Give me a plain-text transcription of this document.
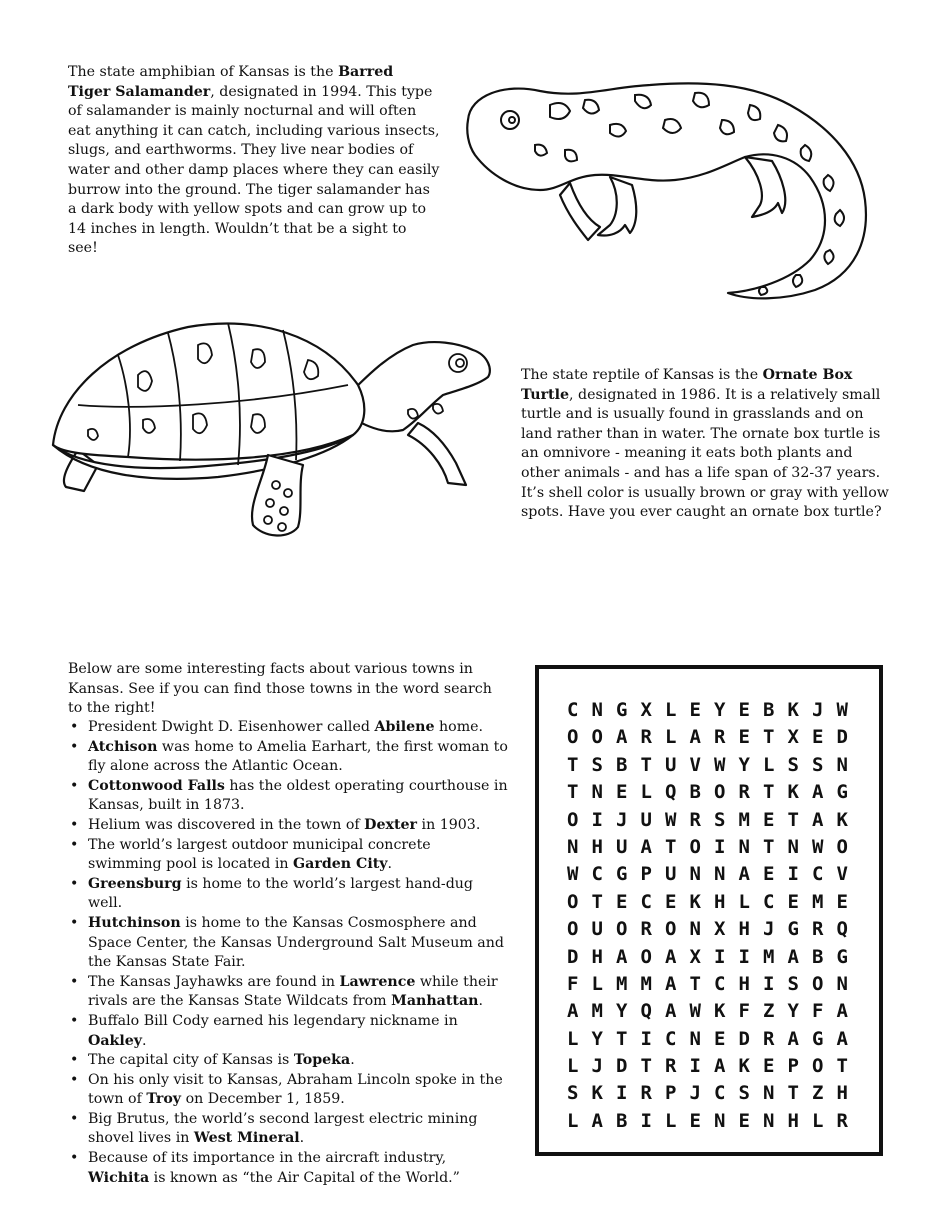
The state amphibian of Kansas is the Barred Tiger Salamander, designated in 1994. This type of salamander is mainly nocturnal and will often eat anything it can catch, including various insects, slugs, and earthworms. They live near bodies of water and other damp places where they can easily burrow into the ground. The tiger salamander has a dark body with yellow spots and can grow up to 14 inches in length. Wouldn’t that be a sight to see!
The state reptile of Kansas is the Ornate Box Turtle, designated in 1986. It is a relatively small turtle and is usually found in grasslands and on land rather than in water. The ornate box turtle is an omnivore - meaning it eats both plants and other animals - and has a life span of 32-37 years. It’s shell color is usually brown or gray with yellow spots. Have you ever caught an ornate box turtle?
Below are some interesting facts about various towns in Kansas. See if you can find those towns in the word search to the right!
• President Dwight D. Eisenhower called Abilene home.
• Atchison was home to Amelia Earhart, the first woman to fly alone across the Atlantic Ocean.
• Cottonwood Falls has the oldest operating courthouse in Kansas, built in 1873.
• Helium was discovered in the town of Dexter in 1903.
• The world’s largest outdoor municipal concrete swimming pool is located in Garden City.
• Greensburg is home to the world’s largest hand-dug well.
• Hutchinson is home to the Kansas Cosmosphere and Space Center, the Kansas Underground Salt Museum and the Kansas State Fair.
• The Kansas Jayhawks are found in Lawrence while their rivals are the Kansas State Wildcats from Manhattan.
• Buffalo Bill Cody earned his legendary nickname in Oakley.
• The capital city of Kansas is Topeka.
• On his only visit to Kansas, Abraham Lincoln spoke in the town of Troy on December 1, 1859.
• Big Brutus, the world’s second largest electric mining shovel lives in West Mineral.
• Because of its importance in the aircraft industry, Wichita is known as “the Air Capital of the World.”
C N G X L E Y E B K J W
O O A R L A R E T X E D
T S B T U V W Y L S S N
T N E L Q B O R T K A G
O I J U W R S M E T A K
N H U A T O I N T N W O
W C G P U N N A E I C V
O T E C E K H L C E M E
O U O R O N X H J G R Q
D H A O A X I I M A B G
F L M M A T C H I S O N
A M Y Q A W K F Z Y F A
L Y T I C N E D R A G A
L J D T R I A K E P O T
S K I R P J C S N T Z H
L A B I L E N E N H L R
